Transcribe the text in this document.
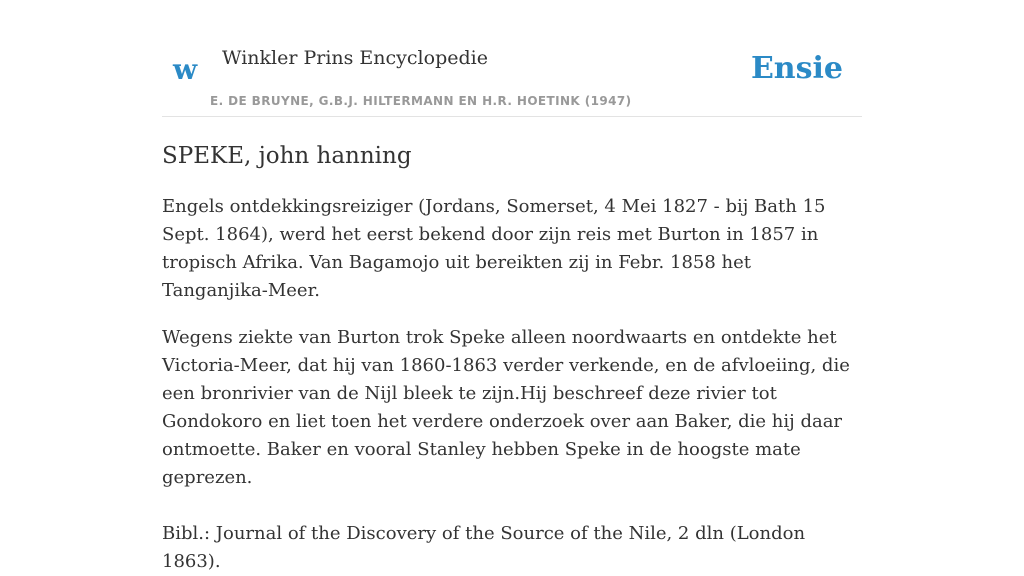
w Winkler Prins Encyclopedie
E. DE BRUYNE, G.B.J. HILTERMANN EN H.R. HOETINK (1947)
Ensie
SPEKE, john hanning

Engels ontdekkingsreiziger (Jordans, Somerset, 4 Mei 1827 - bij Bath 15 Sept. 1864), werd het eerst bekend door zijn reis met Burton in 1857 in tropisch Afrika. Van Bagamojo uit bereikten zij in Febr. 1858 het Tanganjika-Meer.

Wegens ziekte van Burton trok Speke alleen noordwaarts en ontdekte het Victoria-Meer, dat hij van 1860-1863 verder verkende, en de afvloeiing, die een bronrivier van de Nijl bleek te zijn.Hij beschreef deze rivier tot Gondokoro en liet toen het verdere onderzoek over aan Baker, die hij daar ontmoette. Baker en vooral Stanley hebben Speke in de hoogste mate geprezen.

Bibl.: Journal of the Discovery of the Source of the Nile, 2 dln (London 1863).
